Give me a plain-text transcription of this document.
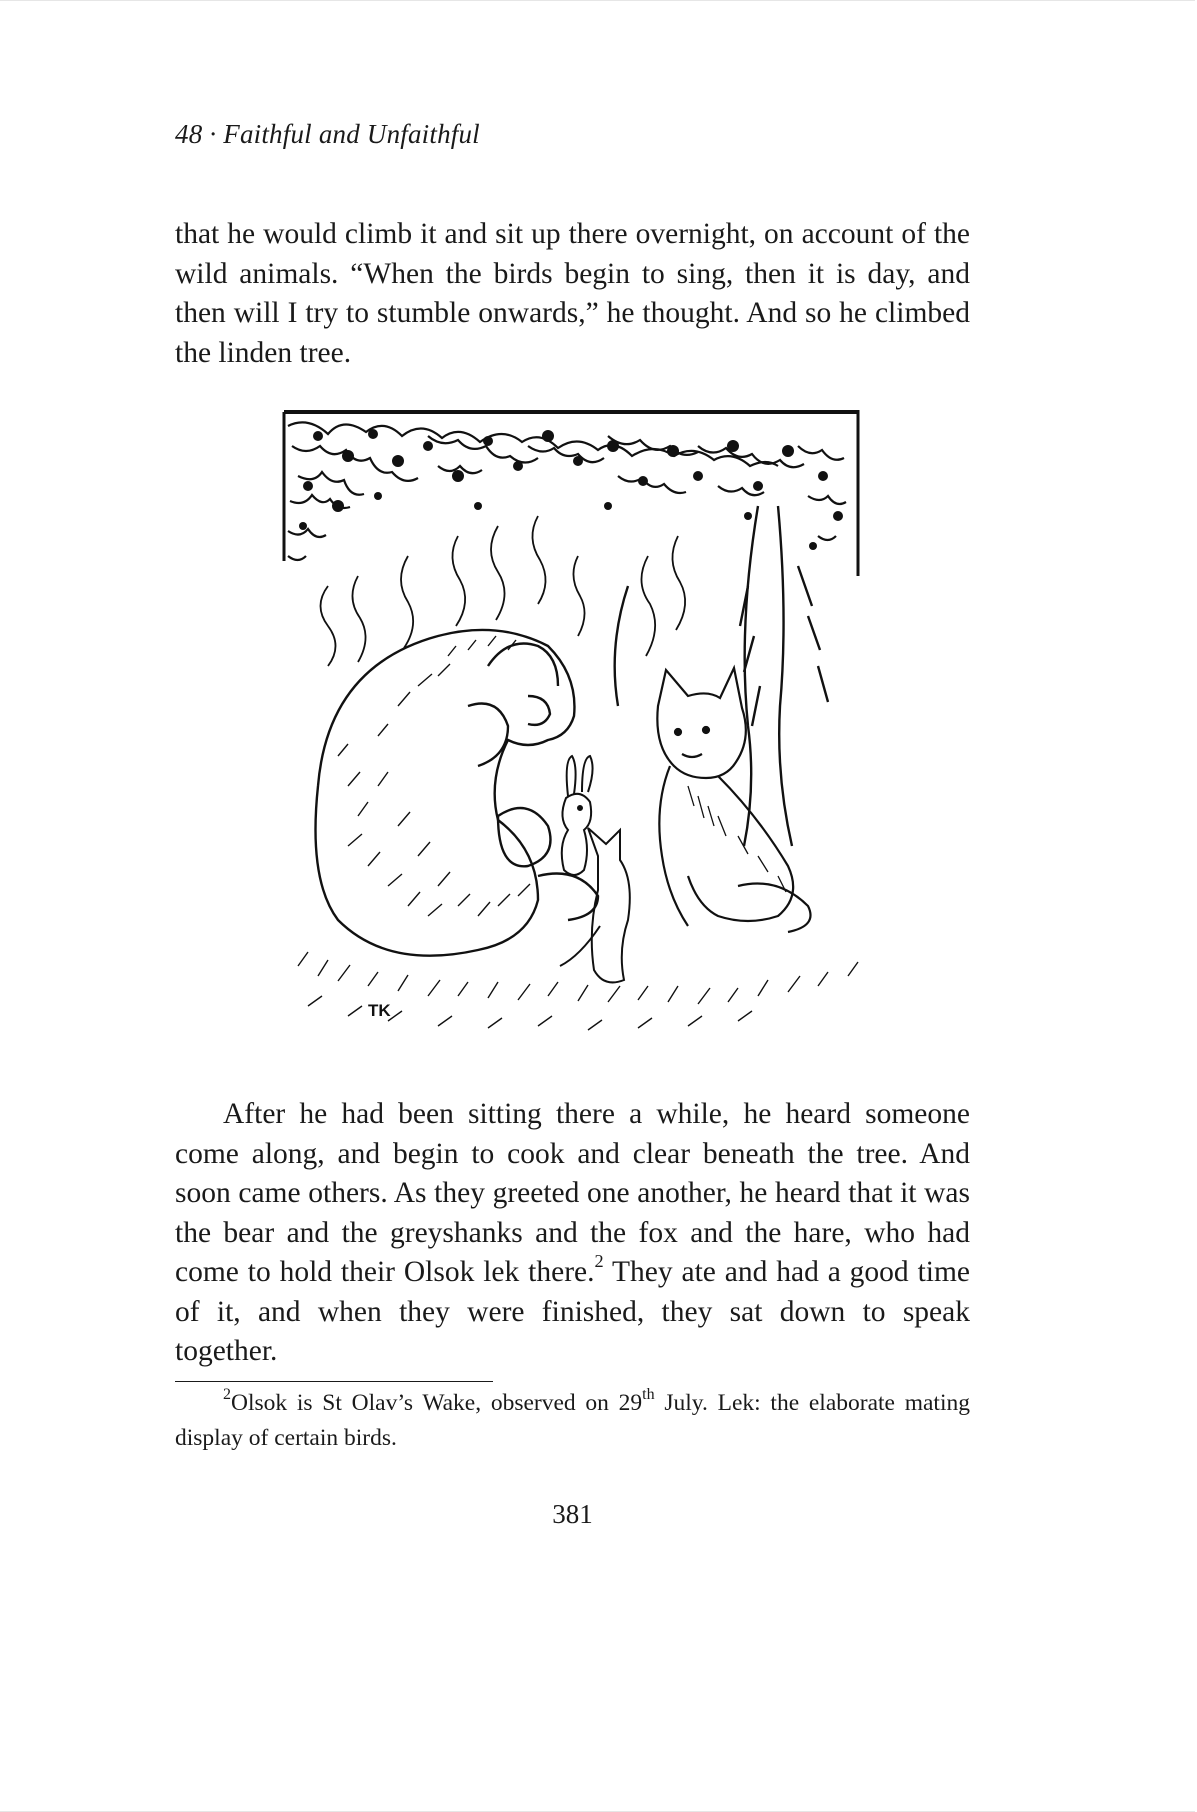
48 · Faithful and Unfaithful

that he would climb it and sit up there overnight, on account of the wild animals. “When the birds begin to sing, then it is day, and then will I try to stumble onwards,” he thought. And so he climbed the linden tree.

TK

After he had been sitting there a while, he heard someone come along, and begin to cook and clear beneath the tree. And soon came others. As they greeted one another, he heard that it was the bear and the greyshanks and the fox and the hare, who had come to hold their Olsok lek there.$^2$ They ate and had a good time of it, and when they were finished, they sat down to speak together.

$^2$Olsok is St Olav’s Wake, observed on 29th July. Lek: the elaborate mating display of certain birds.

381
